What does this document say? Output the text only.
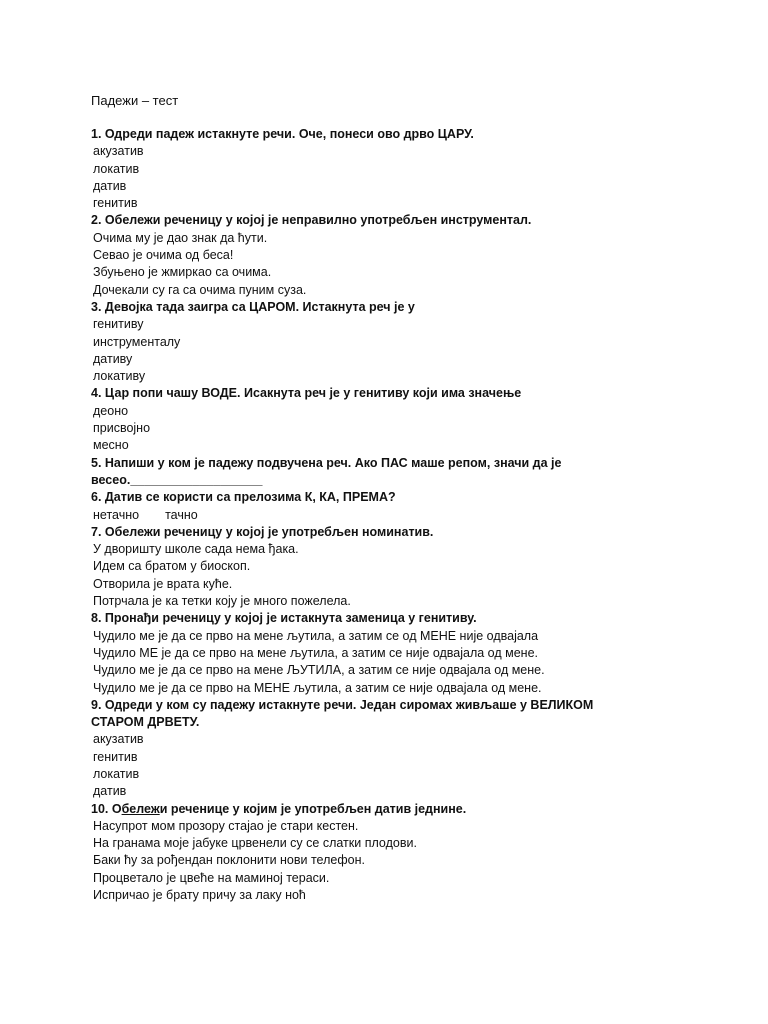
Падежи – тест
1. Одреди падеж истакнуте речи. Оче, понеси ово дрво ЦАРУ.
акузатив
локатив
датив
генитив
2. Обележи реченицу у којој је неправилно употребљен инструментал.
Очима му је дао знак да ћути.
Севао је очима од беса!
Збуњено је жмиркао са очима.
Дочекали су га са очима пуним суза.
3. Девојка тада заигра са ЦАРОМ. Истакнута реч је у
генитиву
инструменталу
дативу
локативу
4. Цар попи чашу ВОДЕ. Исакнута реч је у генитиву који има значење
деоно
присвојно
месно
5. Напиши у ком је падежу подвучена реч. Ако ПАС маше репом, значи да је весео.___________________
6. Датив се користи са прелозима К, КА, ПРЕМА?
нетачно тачно
7. Обележи реченицу у којој је употребљен номинатив.
У дворишту школе сада нема ђака.
Идем са братом у биоскоп.
Отворила је врата куће.
Потрчала је ка тетки коју је много пожелела.
8. Пронађи реченицу у којој је истакнута заменица у генитиву.
Чудило ме је да се прво на мене љутила, а затим се од МЕНЕ није одвајала
Чудило МЕ је да се прво на мене љутила, а затим се није одвајала од мене.
Чудило ме је да се прво на мене ЉУТИЛА, а затим се није одвајала од мене.
Чудило ме је да се прво на МЕНЕ љутила, а затим се није одвајала од мене.
9. Одреди у ком су падежу истакнуте речи. Један сиромах живљаше у ВЕЛИКОМ СТАРОМ ДРВЕТУ.
акузатив
генитив
локатив
датив
10. Обележи реченице у којим је употребљен датив једнине.
Насупрот мом прозору стајао је стари кестен.
На гранама моје јабуке црвенели су се слатки плодови.
Баки ћу за рођендан поклонити нови телефон.
Процветало је цвеће на маминој тераси.
Испричао је брату причу за лаку ноћ
